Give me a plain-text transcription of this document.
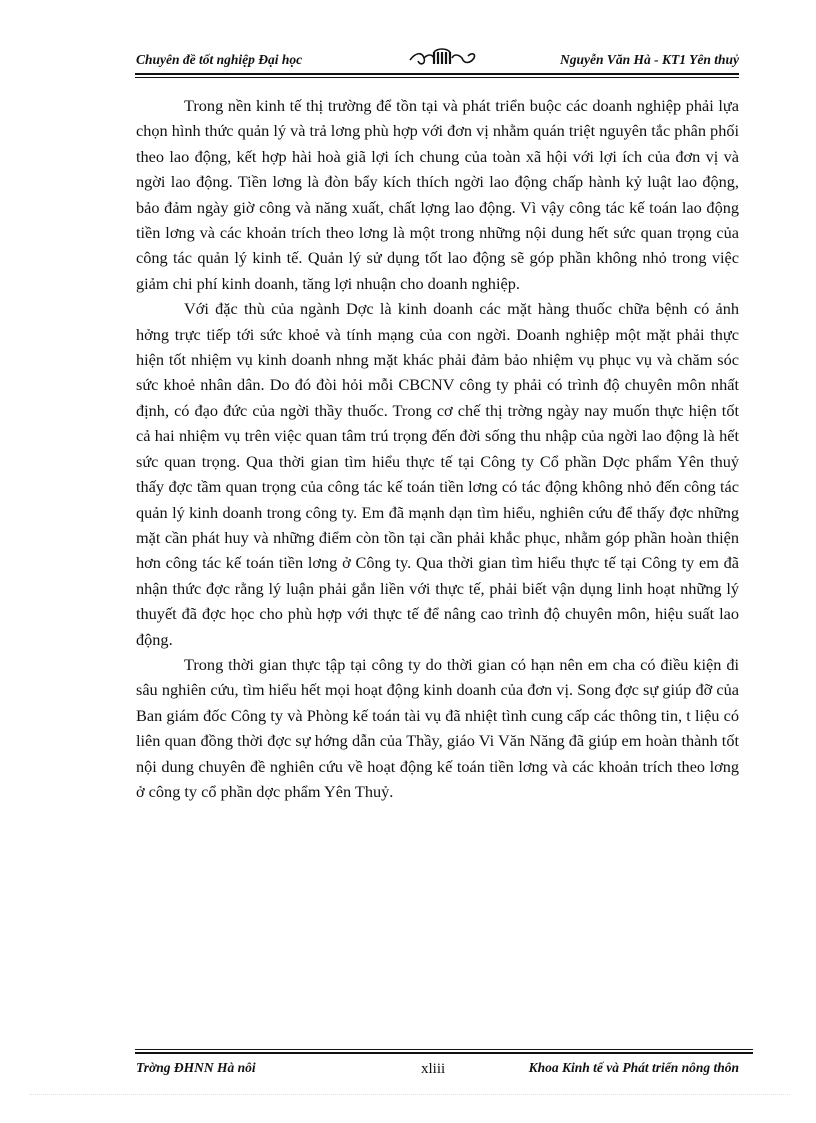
Chuyên đề tốt nghiệp Đại học	Nguyễn Văn Hà - KT1 Yên thuỷ

Trong nền kinh tế thị trường để tồn tại và phát triển buộc các doanh nghiệp phải lựa chọn hình thức quản lý và trả lơng phù hợp với đơn vị nhằm quán triệt nguyên tắc phân phối theo lao động, kết hợp hài hoà giã lợi ích chung của toàn xã hội với lợi ích của đơn vị và ngời lao động. Tiền lơng là đòn bẩy kích thích ngời lao động chấp hành kỷ luật lao động, bảo đảm ngày giờ công và năng xuất, chất lợng lao động. Vì vậy công tác kế toán lao động tiền lơng và các khoản trích theo lơng là một trong những nội dung hết sức quan trọng của công tác quản lý kinh tế. Quản lý sử dụng tốt lao động sẽ góp phần không nhỏ trong việc giảm chi phí kinh doanh, tăng lợi nhuận cho doanh nghiệp.

Với đặc thù của ngành Dợc là kinh doanh các mặt hàng thuốc chữa bệnh có ảnh hởng trực tiếp tới sức khoẻ và tính mạng của con ngời. Doanh nghiệp một mặt phải thực hiện tốt nhiệm vụ kinh doanh nhng mặt khác phải đảm bảo nhiệm vụ phục vụ và chăm sóc sức khoẻ nhân dân. Do đó đòi hỏi mỗi CBCNV công ty phải có trình độ chuyên môn nhất định, có đạo đức của ngời thầy thuốc. Trong cơ chế thị trờng ngày nay muốn thực hiện tốt cả hai nhiệm vụ trên việc quan tâm trú trọng đến đời sống thu nhập của ngời lao động là hết sức quan trọng. Qua thời gian tìm hiểu thực tế tại Công ty Cổ phần Dợc phẩm Yên thuỷ thấy đợc tầm quan trọng của công tác kế toán tiền lơng có tác động không nhỏ đến công tác quản lý kinh doanh trong công ty. Em đã mạnh dạn tìm hiểu, nghiên cứu để thấy đợc những mặt cần phát huy và những điểm còn tồn tại cần phải khắc phục, nhằm góp phần hoàn thiện hơn công tác kế toán tiền lơng ở Công ty. Qua thời gian tìm hiểu thực tế tại Công ty em đã nhận thức đợc rằng lý luận phải gắn liền với thực tế, phải biết vận dụng linh hoạt những lý thuyết đã đợc học cho phù hợp với thực tế để nâng cao trình độ chuyên môn, hiệu suất lao động.

Trong thời gian thực tập tại công ty do thời gian có hạn nên em cha có điều kiện đi sâu nghiên cứu, tìm hiểu hết mọi hoạt động kinh doanh của đơn vị. Song đợc sự giúp đỡ của Ban giám đốc Công ty và Phòng kế toán tài vụ đã nhiệt tình cung cấp các thông tin, t liệu có liên quan đồng thời đợc sự hớng dẫn của Thầy, giáo Vi Văn Năng đã giúp em hoàn thành tốt nội dung chuyên đề nghiên cứu về hoạt động kế toán tiền lơng và các khoản trích theo lơng ở công ty cổ phần dợc phẩm Yên Thuỷ.

Trờng ĐHNN Hà nôi	xliii	Khoa Kinh tế và Phát triển nông thôn
